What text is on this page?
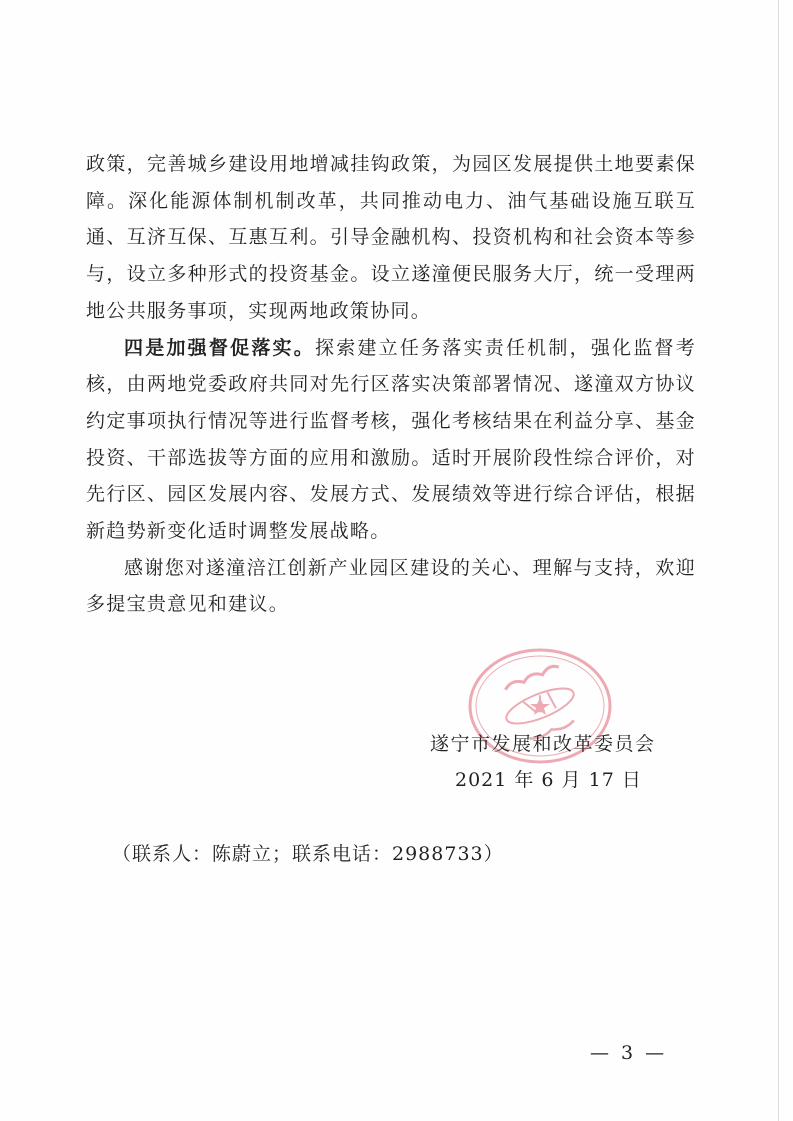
政策，完善城乡建设用地增减挂钩政策，为园区发展提供土地要素保障。深化能源体制机制改革，共同推动电力、油气基础设施互联互通、互济互保、互惠互利。引导金融机构、投资机构和社会资本等参与，设立多种形式的投资基金。设立遂潼便民服务大厅，统一受理两地公共服务事项，实现两地政策协同。

四是加强督促落实。探索建立任务落实责任机制，强化监督考核，由两地党委政府共同对先行区落实决策部署情况、遂潼双方协议约定事项执行情况等进行监督考核，强化考核结果在利益分享、基金投资、干部选拔等方面的应用和激励。适时开展阶段性综合评价，对先行区、园区发展内容、发展方式、发展绩效等进行综合评估，根据新趋势新变化适时调整发展战略。

感谢您对遂潼涪江创新产业园区建设的关心、理解与支持，欢迎多提宝贵意见和建议。

遂宁市发展和改革委员会
2021 年 6 月 17 日
（联系人：陈蔚立；联系电话：2988733）
— 3 —
